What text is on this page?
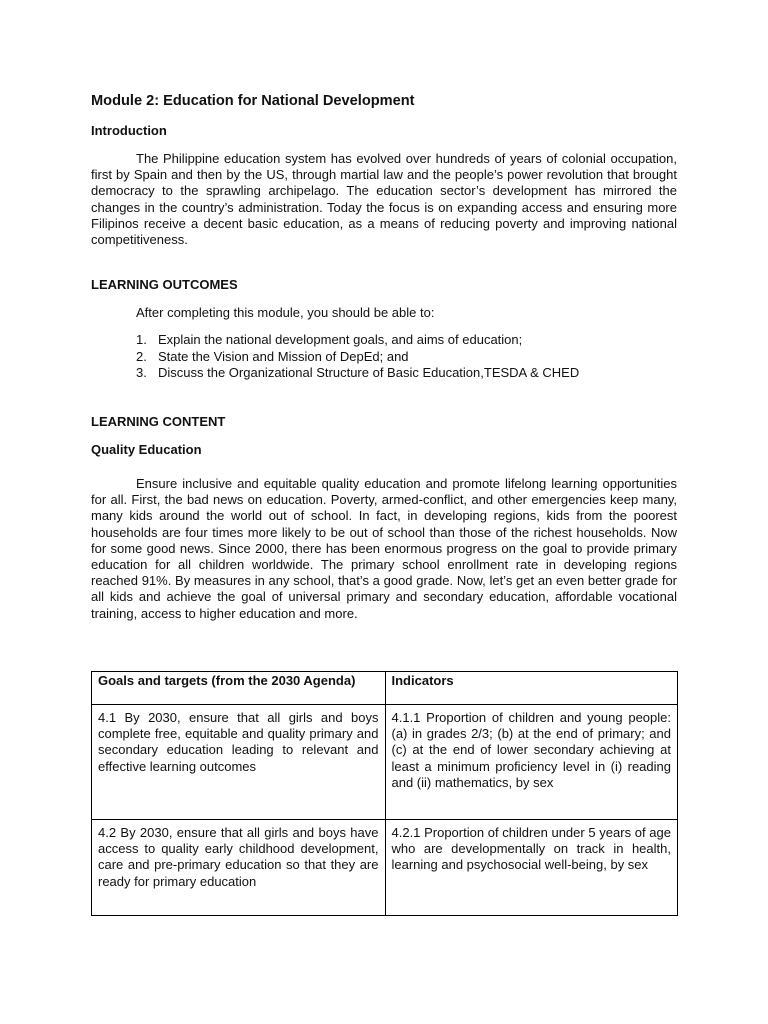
Module 2: Education for National Development
Introduction

The Philippine education system has evolved over hundreds of years of colonial occupation, first by Spain and then by the US, through martial law and the people’s power revolution that brought democracy to the sprawling archipelago. The education sector’s development has mirrored the changes in the country’s administration. Today the focus is on expanding access and ensuring more Filipinos receive a decent basic education, as a means of reducing poverty and improving national competitiveness.

LEARNING OUTCOMES

After completing this module, you should be able to:

1. Explain the national development goals, and aims of education;
2. State the Vision and Mission of DepEd; and
3. Discuss the Organizational Structure of Basic Education,TESDA & CHED
LEARNING CONTENT
Quality Education

Ensure inclusive and equitable quality education and promote lifelong learning opportunities for all. First, the bad news on education. Poverty, armed-conflict, and other emergencies keep many, many kids around the world out of school. In fact, in developing regions, kids from the poorest households are four times more likely to be out of school than those of the richest households. Now for some good news. Since 2000, there has been enormous progress on the goal to provide primary education for all children worldwide. The primary school enrollment rate in developing regions reached 91%. By measures in any school, that’s a good grade. Now, let’s get an even better grade for all kids and achieve the goal of universal primary and secondary education, affordable vocational training, access to higher education and more.

Goals and targets (from the 2030 Agenda)	Indicators
4.1 By 2030, ensure that all girls and boys complete free, equitable and quality primary and secondary education leading to relevant and effective learning outcomes	4.1.1 Proportion of children and young people: (a) in grades 2/3; (b) at the end of primary; and (c) at the end of lower secondary achieving at least a minimum proficiency level in (i) reading and (ii) mathematics, by sex
4.2 By 2030, ensure that all girls and boys have access to quality early childhood development, care and pre-primary education so that they are ready for primary education	4.2.1 Proportion of children under 5 years of age who are developmentally on track in health, learning and psychosocial well-being, by sex
